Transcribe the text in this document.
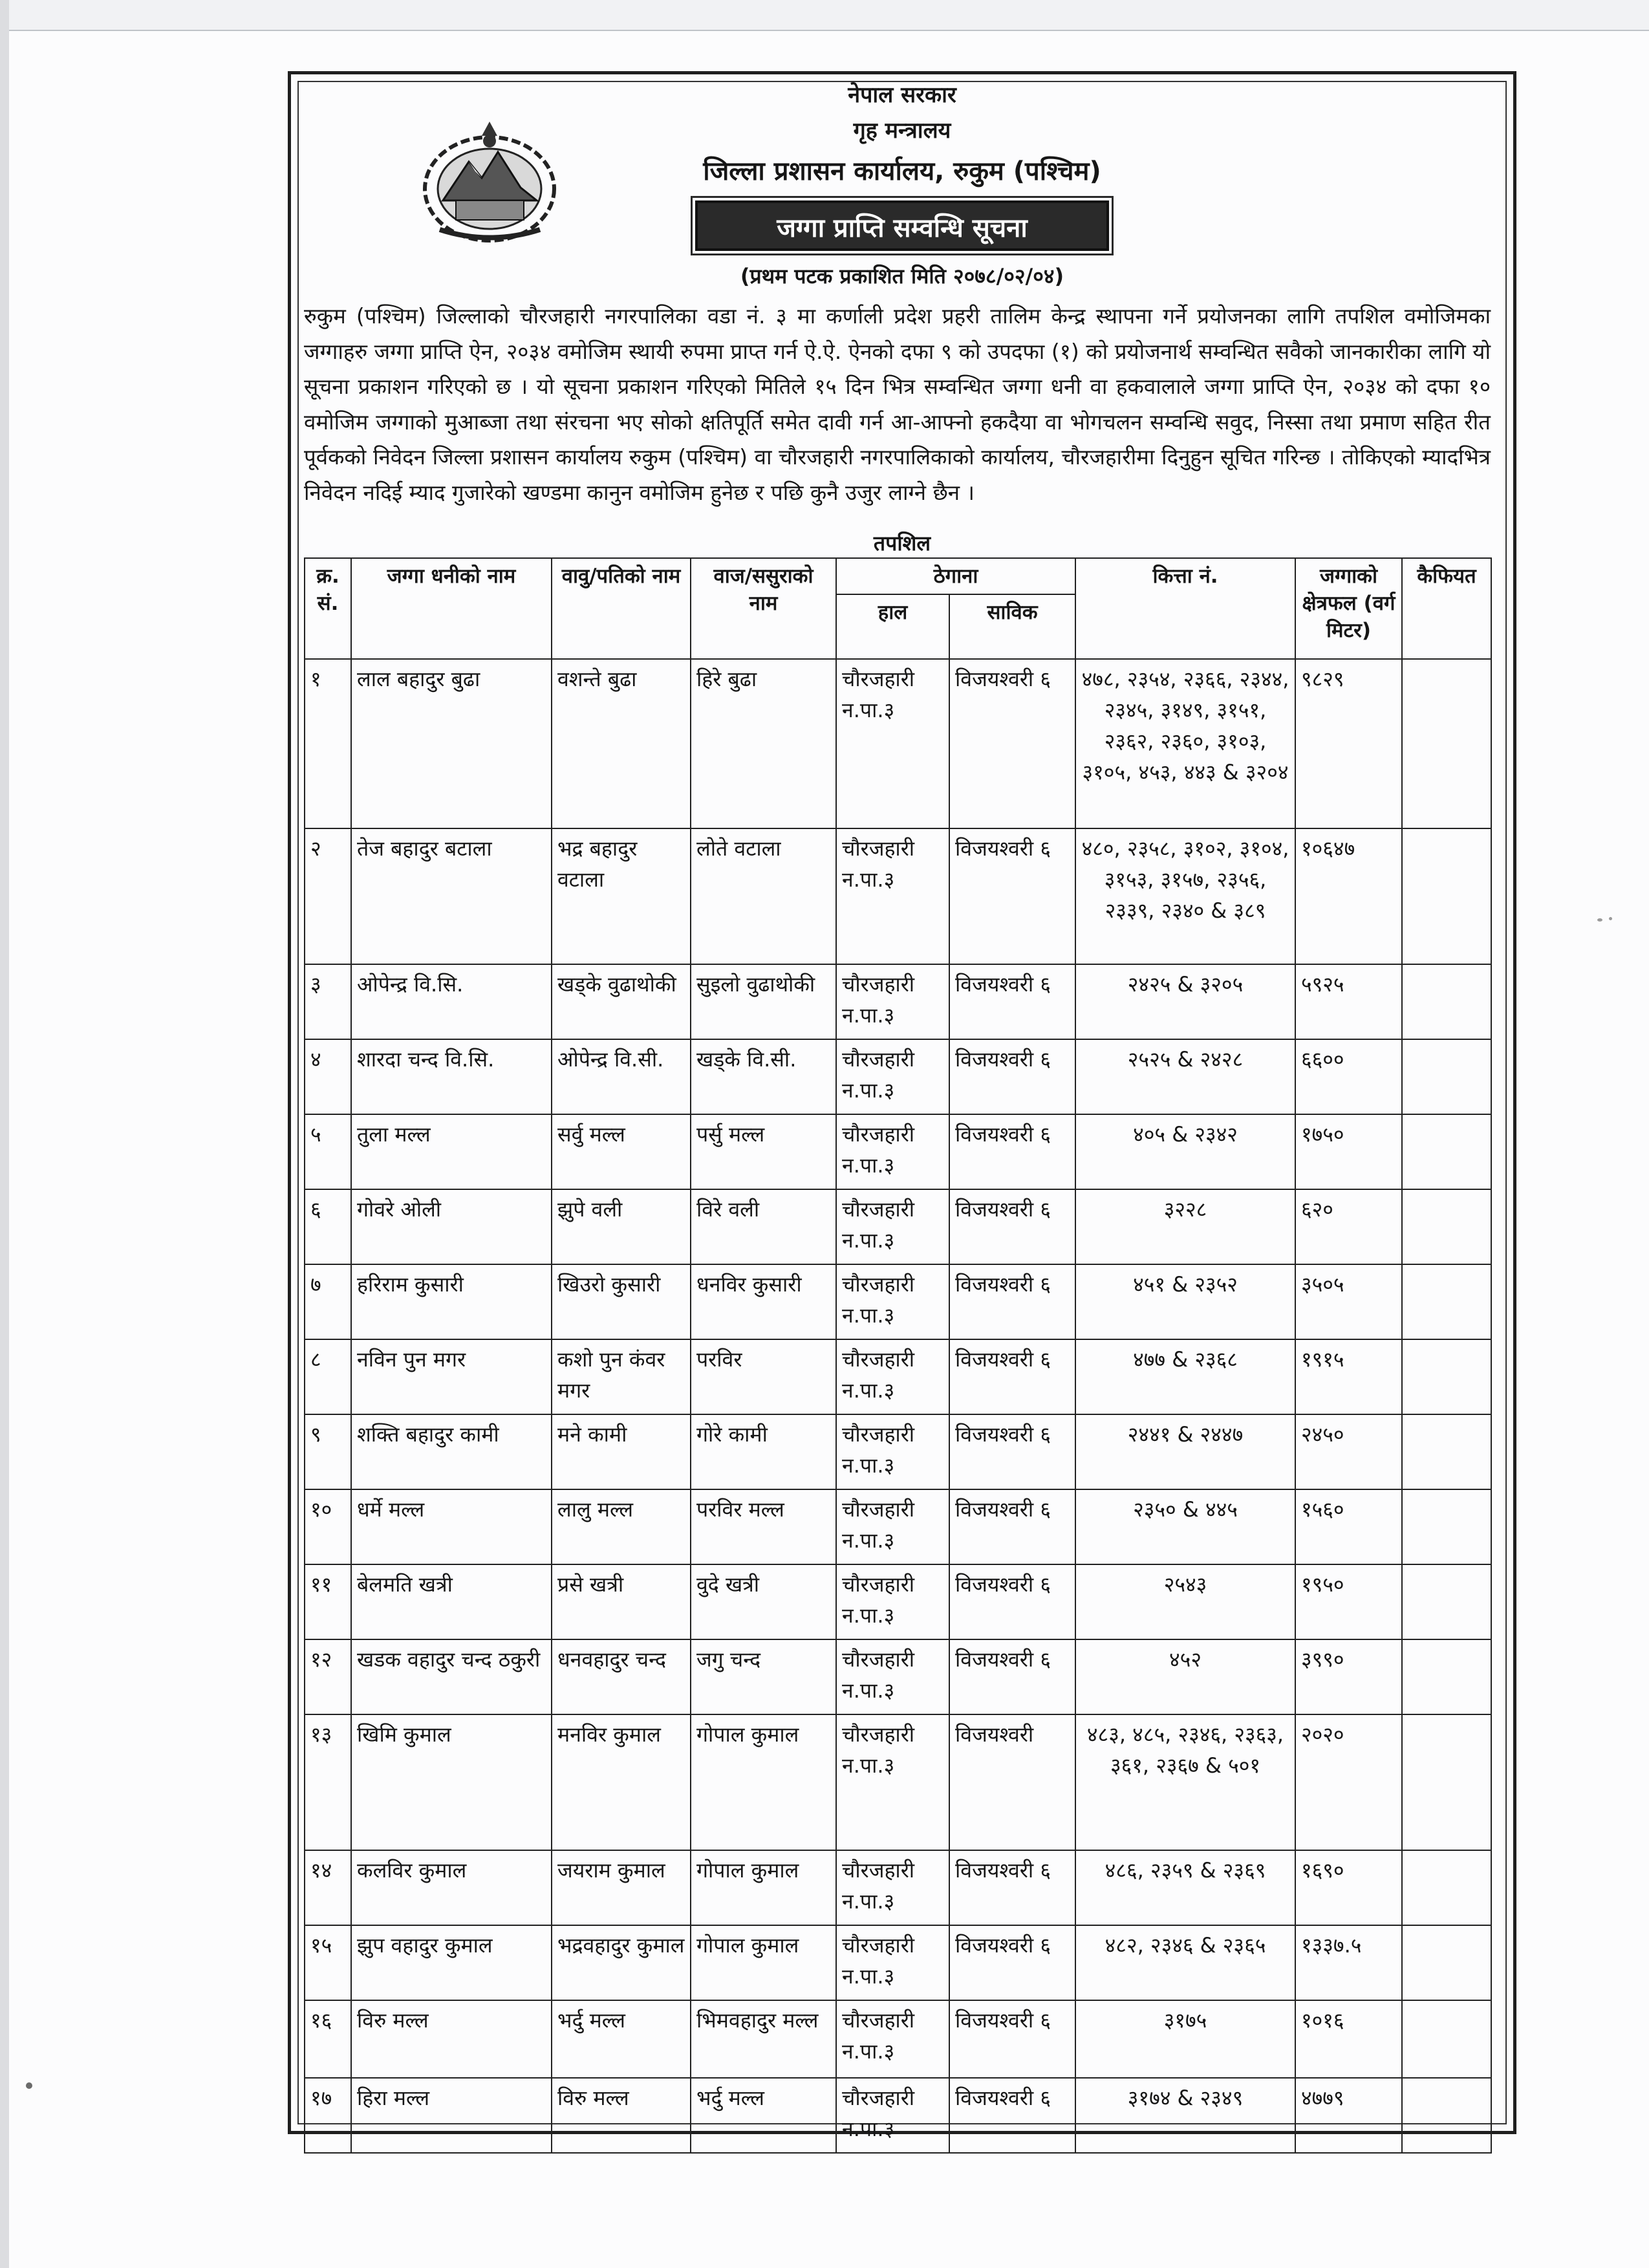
नेपाल सरकार
गृह मन्त्रालय
जिल्ला प्रशासन कार्यालय, रुकुम (पश्चिम)
जग्गा प्राप्ति सम्वन्धि सूचना
(प्रथम पटक प्रकाशित मिति २०७८/०२/०४)
रुकुम (पश्चिम) जिल्लाको चौरजहारी नगरपालिका वडा नं. ३ मा कर्णाली प्रदेश प्रहरी तालिम केन्द्र स्थापना गर्ने प्रयोजनका लागि तपशिल वमोजिमका जग्गाहरु जग्गा प्राप्ति ऐन, २०३४ वमोजिम स्थायी रुपमा प्राप्त गर्न ऐ.ऐ. ऐनको दफा ९ को उपदफा (१) को प्रयोजनार्थ सम्वन्धित सवैको जानकारीका लागि यो सूचना प्रकाशन गरिएको छ । यो सूचना प्रकाशन गरिएको मितिले १५ दिन भित्र सम्वन्धित जग्गा धनी वा हकवालाले जग्गा प्राप्ति ऐन, २०३४ को दफा १० वमोजिम जग्गाको मुआब्जा तथा संरचना भए सोको क्षतिपूर्ति समेत दावी गर्न आ-आफ्नो हकदैया वा भोगचलन सम्वन्धि सवुद, निस्सा तथा प्रमाण सहित रीत पूर्वकको निवेदन जिल्ला प्रशासन कार्यालय रुकुम (पश्चिम) वा चौरजहारी नगरपालिकाको कार्यालय, चौरजहारीमा दिनुहुन सूचित गरिन्छ । तोकिएको म्यादभित्र निवेदन नदिई म्याद गुजारेको खण्डमा कानुन वमोजिम हुनेछ र पछि कुनै उजुर लाग्ने छैन ।
तपशिल
क्र. सं.	जग्गा धनीको नाम	वावु/पतिको नाम	वाज/ससुराको नाम	ठेगाना		कित्ता नं.	जग्गाको क्षेत्रफल (वर्ग मिटर)	कैफियत
				हाल	साविक			
१	लाल बहादुर बुढा	वशन्ते बुढा	हिरे बुढा	चौरजहारी न.पा.३	विजयश्वरी ६	४७८, २३५४, २३६६, २३४४, २३४५, ३१४९, ३१५१, २३६२, २३६०, ३१०३, ३१०५, ४५३, ४४३ & ३२०४	९८२९	
२	तेज बहादुर बटाला	भद्र बहादुर वटाला	लोते वटाला	चौरजहारी न.पा.३	विजयश्वरी ६	४८०, २३५८, ३१०२, ३१०४, ३१५३, ३१५७, २३५६, २३३९, २३४० & ३८९	१०६४७	
३	ओपेन्द्र वि.सि.	खड्के वुढाथोकी	सुइलो वुढाथोकी	चौरजहारी न.पा.३	विजयश्वरी ६	२४२५ & ३२०५	५९२५	
४	शारदा चन्द वि.सि.	ओपेन्द्र वि.सी.	खड्के वि.सी.	चौरजहारी न.पा.३	विजयश्वरी ६	२५२५ & २४२८	६६००	
५	तुला मल्ल	सर्वु मल्ल	पर्सु मल्ल	चौरजहारी न.पा.३	विजयश्वरी ६	४०५ & २३४२	१७५०	
६	गोवरे ओली	झुपे वली	विरे वली	चौरजहारी न.पा.३	विजयश्वरी ६	३२२८	६२०	
७	हरिराम कुसारी	खिउरो कुसारी	धनविर कुसारी	चौरजहारी न.पा.३	विजयश्वरी ६	४५१ & २३५२	३५०५	
८	नविन पुन मगर	कशो पुन कंवर मगर	परविर	चौरजहारी न.पा.३	विजयश्वरी ६	४७७ & २३६८	१९१५	
९	शक्ति बहादुर कामी	मने कामी	गोरे कामी	चौरजहारी न.पा.३	विजयश्वरी ६	२४४१ & २४४७	२४५०	
१०	धर्मे मल्ल	लालु मल्ल	परविर मल्ल	चौरजहारी न.पा.३	विजयश्वरी ६	२३५० & ४४५	१५६०	
११	बेलमति खत्री	प्रसे खत्री	वुदे खत्री	चौरजहारी न.पा.३	विजयश्वरी ६	२५४३	१९५०	
१२	खडक वहादुर चन्द ठकुरी	धनवहादुर चन्द	जगु चन्द	चौरजहारी न.पा.३	विजयश्वरी ६	४५२	३९९०	
१३	खिमि कुमाल	मनविर कुमाल	गोपाल कुमाल	चौरजहारी न.पा.३	विजयश्वरी	४८३, ४८५, २३४६, २३६३, ३६१, २३६७ & ५०१	२०२०	
१४	कलविर कुमाल	जयराम कुमाल	गोपाल कुमाल	चौरजहारी न.पा.३	विजयश्वरी ६	४८६, २३५९ & २३६९	१६९०	
१५	झुप वहादुर कुमाल	भद्रवहादुर कुमाल	गोपाल कुमाल	चौरजहारी न.पा.३	विजयश्वरी ६	४८२, २३४६ & २३६५	१३३७.५	
१६	विरु मल्ल	भर्दु मल्ल	भिमवहादुर मल्ल	चौरजहारी न.पा.३	विजयश्वरी ६	३१७५	१०१६	
१७	हिरा मल्ल	विरु मल्ल	भर्दु मल्ल	चौरजहारी न.पा.३	विजयश्वरी ६	३१७४ & २३४९	४७७९	
